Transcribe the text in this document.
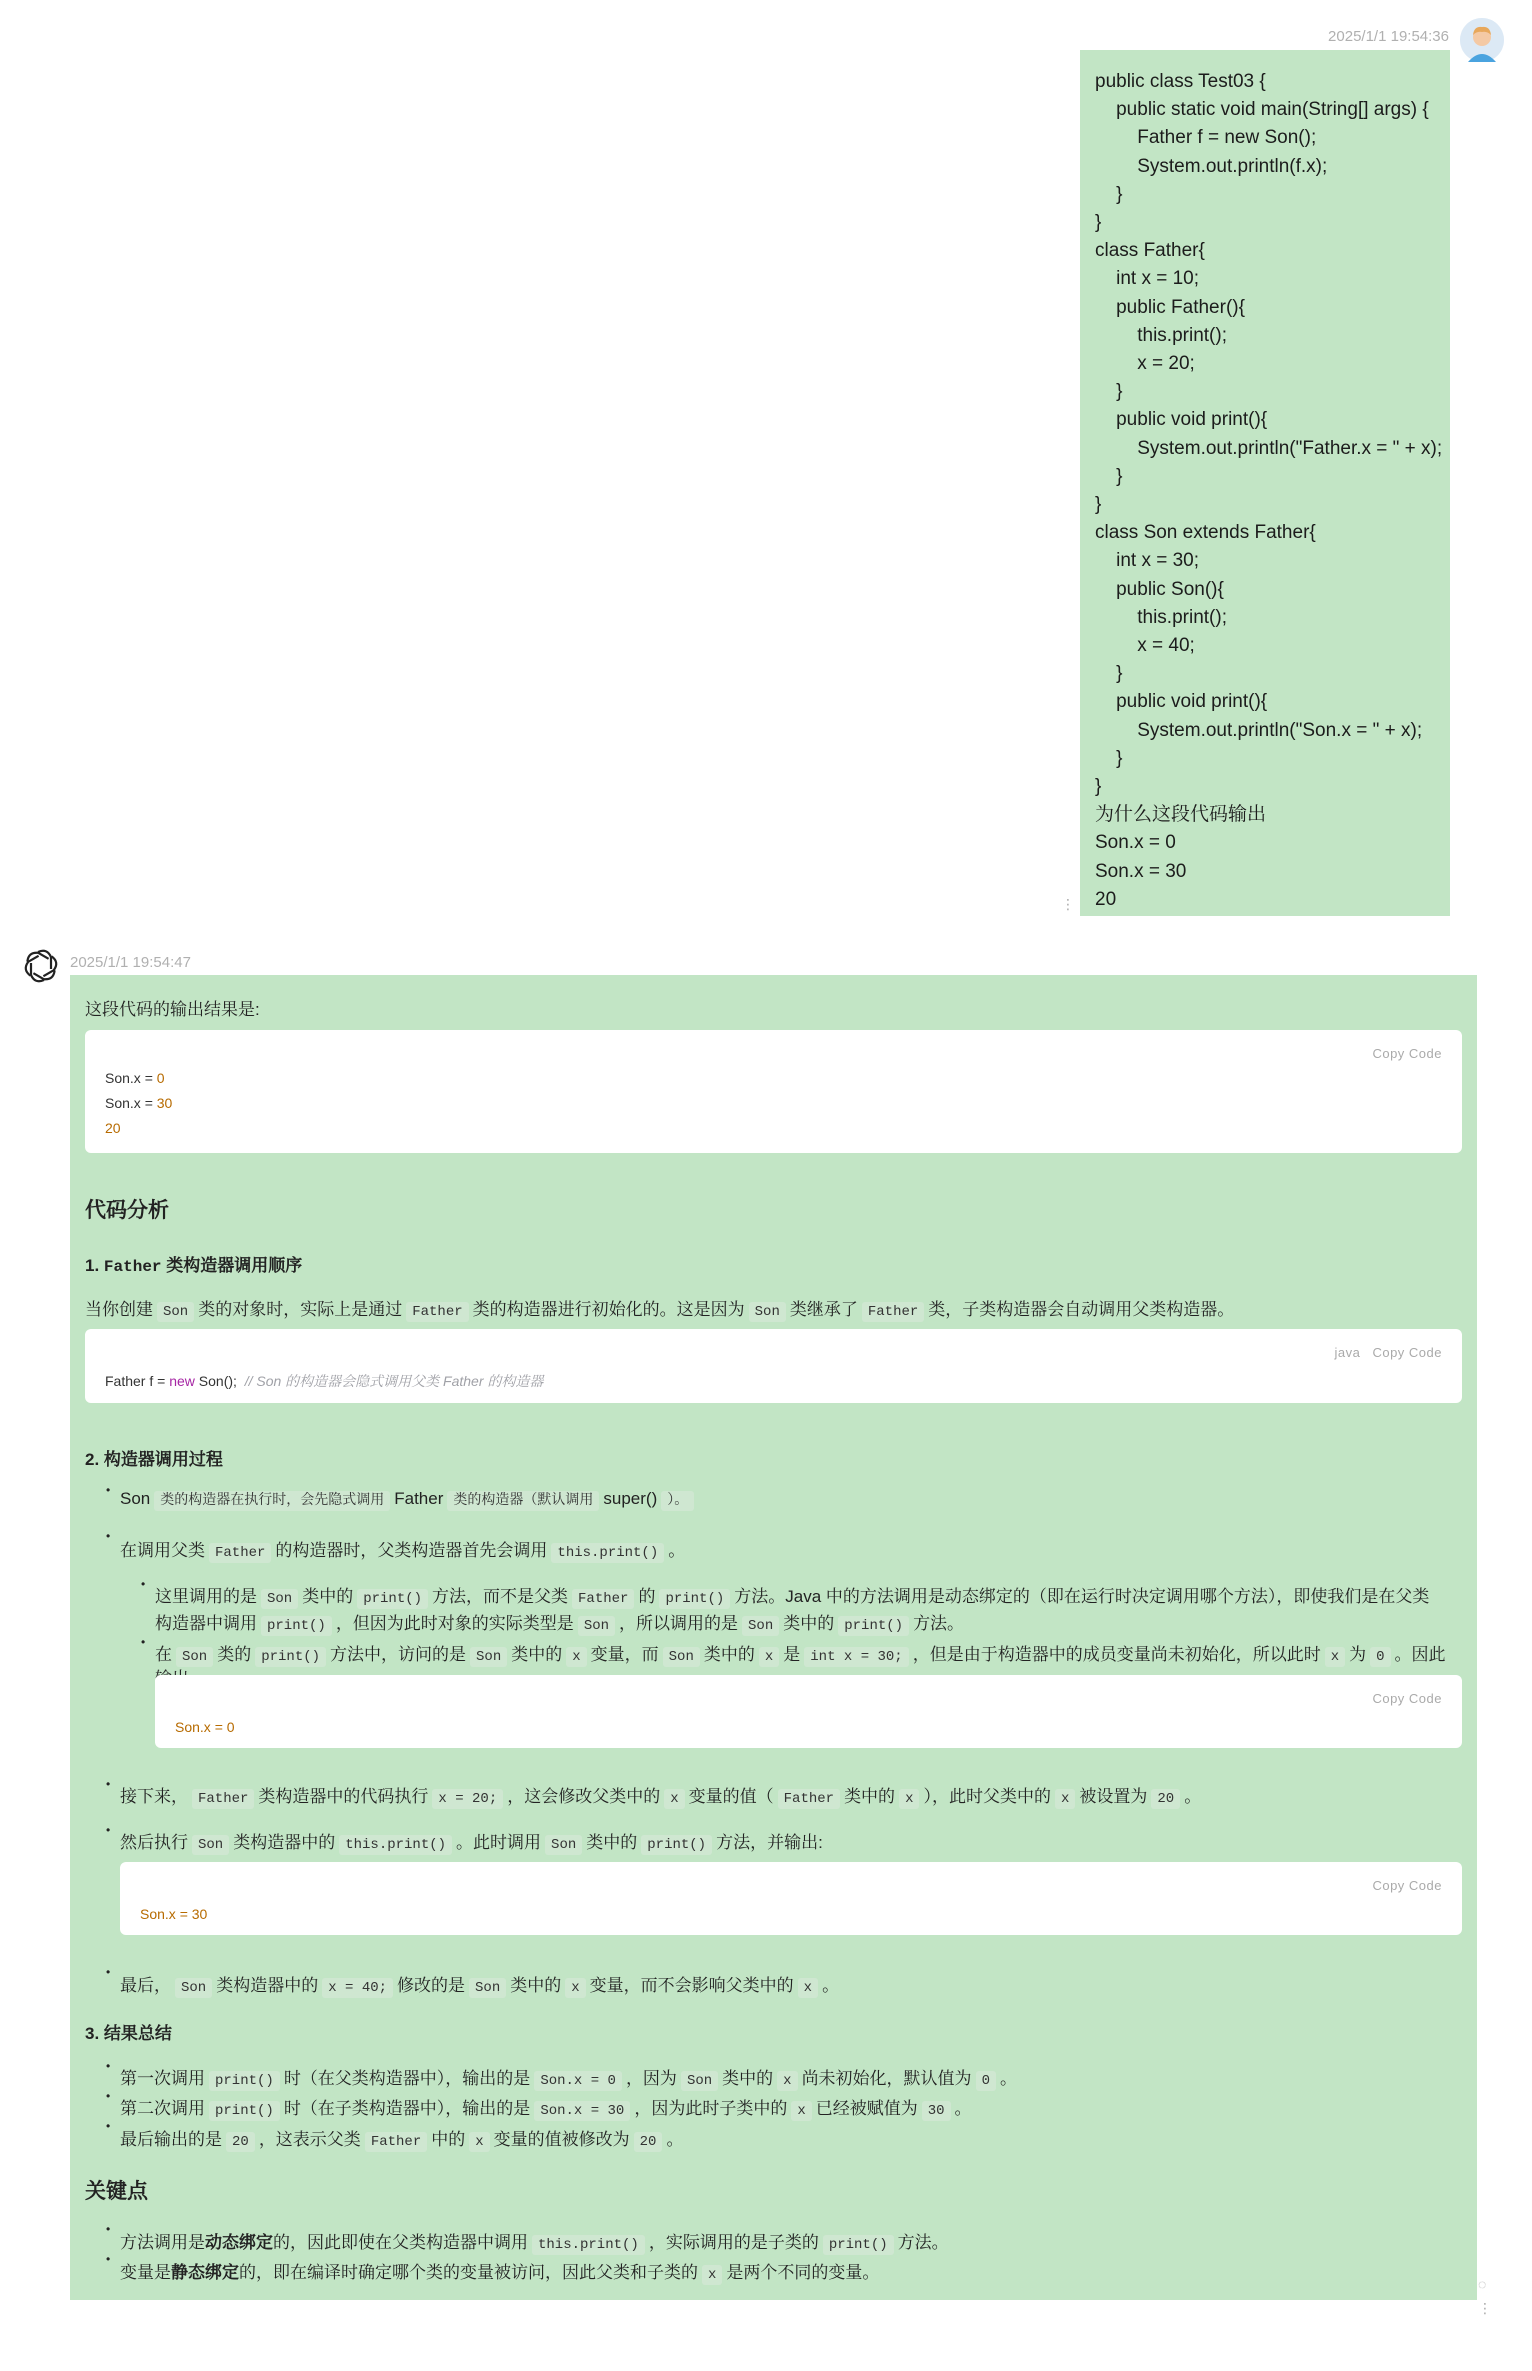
2025/1/1 19:54:36
public class Test03 {
public static void main(String[] args) {
Father f = new Son();
System.out.println(f.x);
}
}
class Father{
int x = 10;
public Father(){
this.print();
x = 20;
}
public void print(){
System.out.println("Father.x = " + x);
}
}
class Son extends Father{
int x = 30;
public Son(){
this.print();
x = 40;
}
public void print(){
System.out.println("Son.x = " + x);
}
}
为什么这段代码输出
Son.x = 0
Son.x = 30
20
⋮
2025/1/1 19:54:47
这段代码的输出结果是:
Copy Code
Son.x = 0
Son.x = 30
20
代码分析
1. Father 类构造器调用顺序
当你创建 Son 类的对象时，实际上是通过 Father 类的构造器进行初始化的。这是因为 Son 类继承了 Father 类，子类构造器会自动调用父类构造器。
java Copy Code
Father f = new Son();  // Son 的构造器会隐式调用父类 Father 的构造器
2. 构造器调用过程
• Son 类的构造器在执行时，会先隐式调用 Father 类的构造器（默认调用 super() ）。
•
在调用父类 Father 的构造器时，父类构造器首先会调用 this.print() 。
•
这里调用的是 Son 类中的 print() 方法，而不是父类 Father 的 print() 方法。Java 中的方法调用是动态绑定的（即在运行时决定调用哪个方法），即使我们是在父类
构造器中调用 print() ，但因为此时对象的实际类型是 Son ，所以调用的是 Son 类中的 print() 方法。
•
在 Son 类的 print() 方法中，访问的是 Son 类中的 x 变量，而 Son 类中的 x 是 int x = 30; ，但是由于构造器中的成员变量尚未初始化，所以此时 x 为 0 。因此
Copy Code
Son.x = 0
•
接下来， Father 类构造器中的代码执行 x = 20; ，这会修改父类中的 x 变量的值（ Father 类中的 x ），此时父类中的 x 被设置为 20 。
•
然后执行 Son 类构造器中的 this.print() 。此时调用 Son 类中的 print() 方法，并输出:
Copy Code
Son.x = 30
•
最后， Son 类构造器中的 x = 40; 修改的是 Son 类中的 x 变量，而不会影响父类中的 x 。
3. 结果总结
•
第一次调用 print() 时（在父类构造器中），输出的是 Son.x = 0 ，因为 Son 类中的 x 尚未初始化，默认值为 0 。
•
第二次调用 print() 时（在子类构造器中），输出的是 Son.x = 30 ，因为此时子类中的 x 已经被赋值为 30 。
•
最后输出的是 20 ，这表示父类 Father 中的 x 变量的值被修改为 20 。
关键点
•
方法调用是动态绑定的，因此即使在父类构造器中调用 this.print() ，实际调用的是子类的 print() 方法。
•
变量是静态绑定的，即在编译时确定哪个类的变量被访问，因此父类和子类的 x 是两个不同的变量。
◌
⋮
